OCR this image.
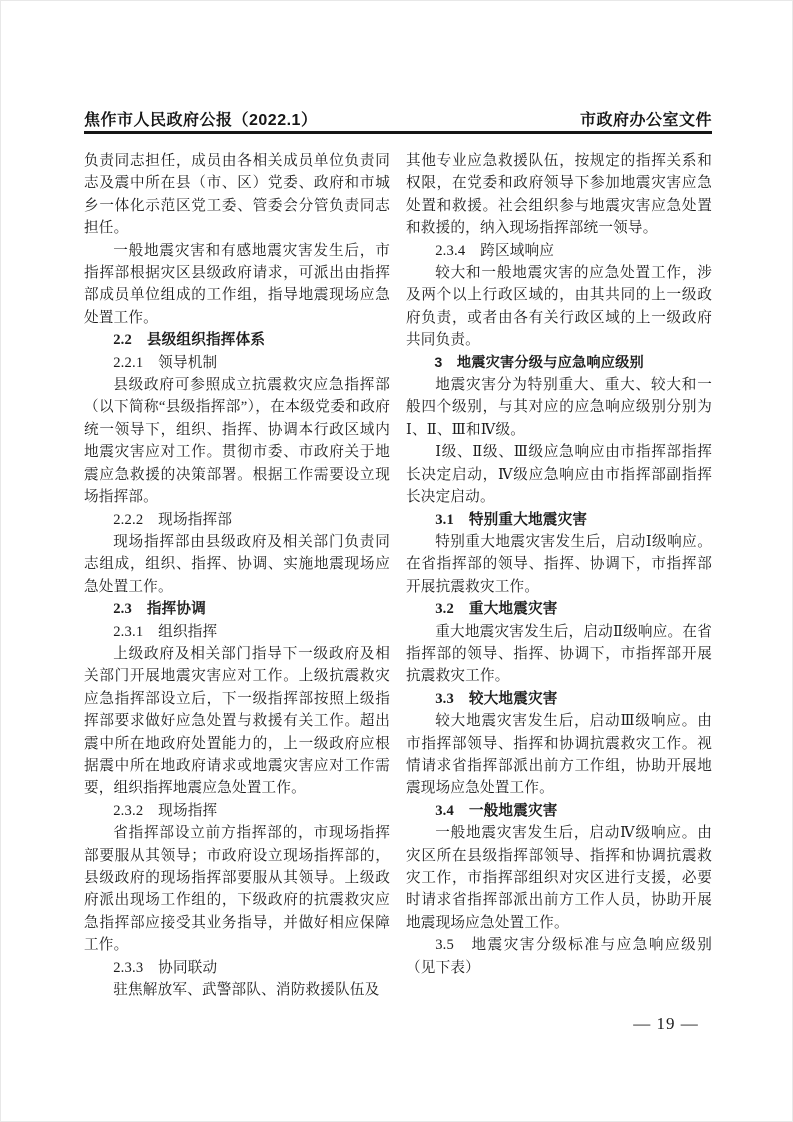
焦作市人民政府公报（2022.1）	市政府办公室文件

负责同志担任，成员由各相关成员单位负责同志及震中所在县（市、区）党委、政府和市城乡一体化示范区党工委、管委会分管负责同志担任。

一般地震灾害和有感地震灾害发生后，市指挥部根据灾区县级政府请求，可派出由指挥部成员单位组成的工作组，指导地震现场应急处置工作。

2.2　县级组织指挥体系

2.2.1　领导机制

县级政府可参照成立抗震救灾应急指挥部（以下简称“县级指挥部”），在本级党委和政府统一领导下，组织、指挥、协调本行政区域内地震灾害应对工作。贯彻市委、市政府关于地震应急救援的决策部署。根据工作需要设立现场指挥部。

2.2.2　现场指挥部

现场指挥部由县级政府及相关部门负责同志组成，组织、指挥、协调、实施地震现场应急处置工作。

2.3　指挥协调

2.3.1　组织指挥

上级政府及相关部门指导下一级政府及相关部门开展地震灾害应对工作。上级抗震救灾应急指挥部设立后，下一级指挥部按照上级指挥部要求做好应急处置与救援有关工作。超出震中所在地政府处置能力的，上一级政府应根据震中所在地政府请求或地震灾害应对工作需要，组织指挥地震应急处置工作。

2.3.2　现场指挥

省指挥部设立前方指挥部的，市现场指挥部要服从其领导；市政府设立现场指挥部的，县级政府的现场指挥部要服从其领导。上级政府派出现场工作组的，下级政府的抗震救灾应急指挥部应接受其业务指导，并做好相应保障工作。

2.3.3　协同联动

驻焦解放军、武警部队、消防救援队伍及

其他专业应急救援队伍，按规定的指挥关系和权限，在党委和政府领导下参加地震灾害应急处置和救援。社会组织参与地震灾害应急处置和救援的，纳入现场指挥部统一领导。

2.3.4　跨区域响应

较大和一般地震灾害的应急处置工作，涉及两个以上行政区域的，由其共同的上一级政府负责，或者由各有关行政区域的上一级政府共同负责。

3　地震灾害分级与应急响应级别

地震灾害分为特别重大、重大、较大和一般四个级别，与其对应的应急响应级别分别为Ⅰ、Ⅱ、Ⅲ和Ⅳ级。

Ⅰ级、Ⅱ级、Ⅲ级应急响应由市指挥部指挥长决定启动，Ⅳ级应急响应由市指挥部副指挥长决定启动。

3.1　特别重大地震灾害

特别重大地震灾害发生后，启动Ⅰ级响应。在省指挥部的领导、指挥、协调下，市指挥部开展抗震救灾工作。

3.2　重大地震灾害

重大地震灾害发生后，启动Ⅱ级响应。在省指挥部的领导、指挥、协调下，市指挥部开展抗震救灾工作。

3.3　较大地震灾害

较大地震灾害发生后，启动Ⅲ级响应。由市指挥部领导、指挥和协调抗震救灾工作。视情请求省指挥部派出前方工作组，协助开展地震现场应急处置工作。

3.4　一般地震灾害

一般地震灾害发生后，启动Ⅳ级响应。由灾区所在县级指挥部领导、指挥和协调抗震救灾工作，市指挥部组织对灾区进行支援，必要时请求省指挥部派出前方工作人员，协助开展地震现场应急处置工作。

3.5　地震灾害分级标准与应急响应级别（见下表）

— 19 —
